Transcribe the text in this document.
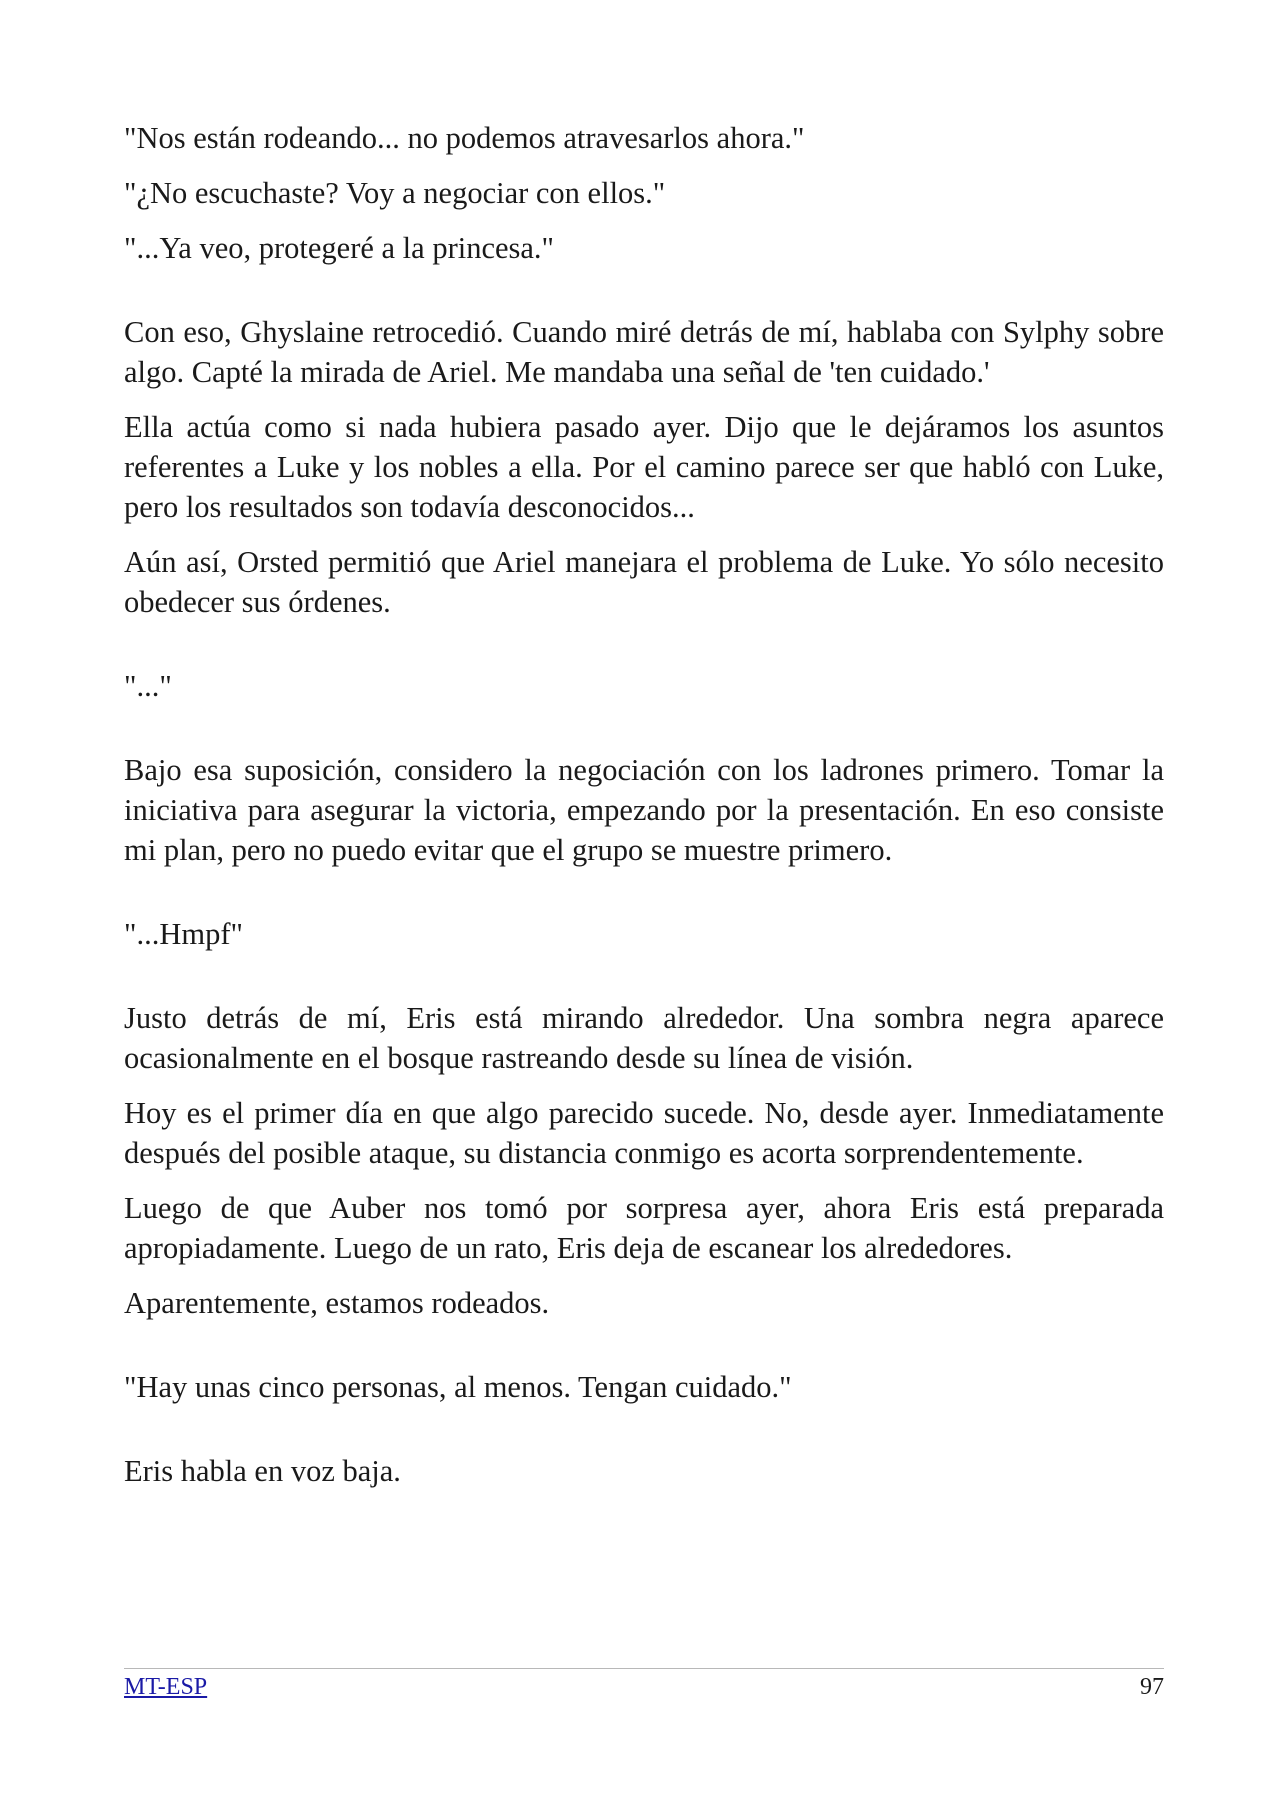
"Nos están rodeando... no podemos atravesarlos ahora."

"¿No escuchaste? Voy a negociar con ellos."

"...Ya veo, protegeré a la princesa."

Con eso, Ghyslaine retrocedió. Cuando miré detrás de mí, hablaba con Sylphy sobre algo. Capté la mirada de Ariel. Me mandaba una señal de 'ten cuidado.'

Ella actúa como si nada hubiera pasado ayer. Dijo que le dejáramos los asuntos referentes a Luke y los nobles a ella. Por el camino parece ser que habló con Luke, pero los resultados son todavía desconocidos...

Aún así, Orsted permitió que Ariel manejara el problema de Luke. Yo sólo necesito obedecer sus órdenes.

"..."

Bajo esa suposición, considero la negociación con los ladrones primero. Tomar la iniciativa para asegurar la victoria, empezando por la presentación. En eso consiste mi plan, pero no puedo evitar que el grupo se muestre primero.

"...Hmpf"

Justo detrás de mí, Eris está mirando alrededor. Una sombra negra aparece ocasionalmente en el bosque rastreando desde su línea de visión.

Hoy es el primer día en que algo parecido sucede. No, desde ayer. Inmediatamente después del posible ataque, su distancia conmigo es acorta sorprendentemente.

Luego de que Auber nos tomó por sorpresa ayer, ahora Eris está preparada apropiadamente. Luego de un rato, Eris deja de escanear los alrededores.

Aparentemente, estamos rodeados.

"Hay unas cinco personas, al menos. Tengan cuidado."

Eris habla en voz baja.

MT-ESP	97
